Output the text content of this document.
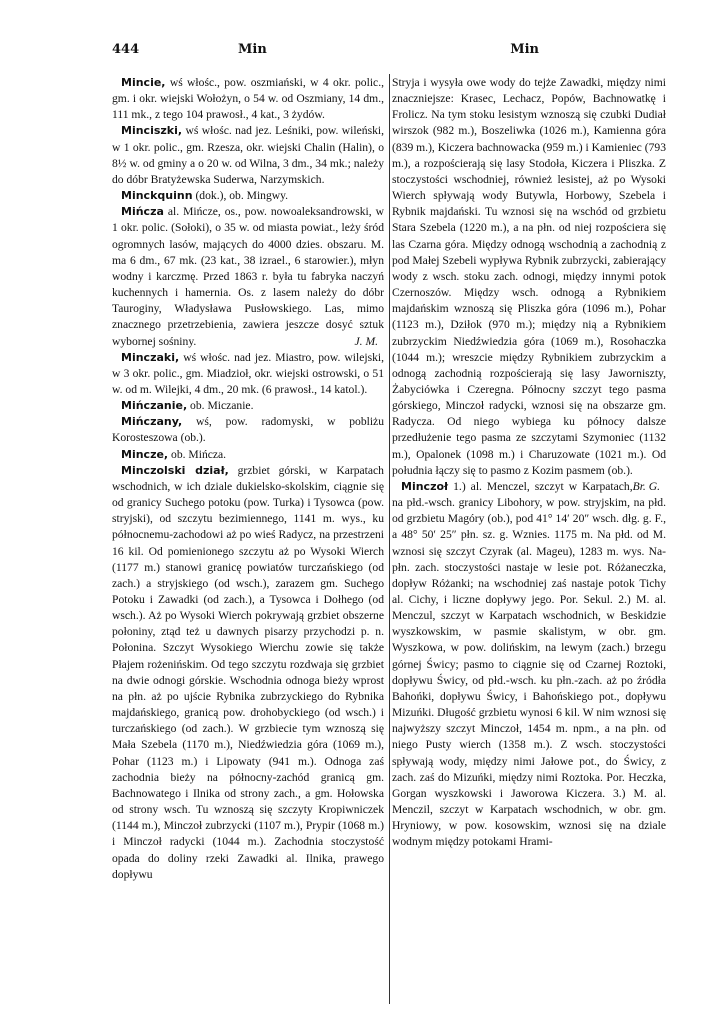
444	Min	Min

Mincie, wś włośc., pow. oszmiański, w 4 okr. polic., gm. i okr. wiejski Wołożyn, o 54 w. od Oszmiany, 14 dm., 111 mk., z tego 104 prawosł., 4 kat., 3 żydów.

Minciszki, wś włośc. nad jez. Leśniki, pow. wileński, w 1 okr. polic., gm. Rzesza, okr. wiejski Chalin (Halin), o 8½ w. od gminy a o 20 w. od Wilna, 3 dm., 34 mk.; należy do dóbr Bratyżewska Suderwa, Narzymskich.

Minckquinn (dok.), ob. Mingwy.

Mińcza al. Mińcze, os., pow. nowoaleksandrowski, w 1 okr. polic. (Sołoki), o 35 w. od miasta powiat., leży śród ogromnych lasów, mających do 4000 dzies. obszaru. M. ma 6 dm., 67 mk. (23 kat., 38 izrael., 6 starowier.), młyn wodny i karczmę. Przed 1863 r. była tu fabryka naczyń kuchennych i hamernia. Os. z lasem należy do dóbr Tauroginy, Władysława Pusłowskiego. Las, mimo znacznego przetrzebienia, zawiera jeszcze dosyć sztuk wybornej sośniny.	J. M.

Minczaki, wś włośc. nad jez. Miastro, pow. wilejski, w 3 okr. polic., gm. Miadzioł, okr. wiejski ostrowski, o 51 w. od m. Wilejki, 4 dm., 20 mk. (6 prawosł., 14 katol.).

Mińczanie, ob. Miczanie.

Mińczany, wś, pow. radomyski, w pobliżu Korosteszowa (ob.).

Mincze, ob. Mińcza.

Minczolski dział, grzbiet górski, w Karpatach wschodnich, w ich dziale dukielsko-skolskim, ciągnie się od granicy Suchego potoku (pow. Turka) i Tysowca (pow. stryjski), od szczytu bezimiennego, 1141 m. wys., ku północnemu-zachodowi aż po wieś Radycz, na przestrzeni 16 kil. Od pomienionego szczytu aż po Wysoki Wierch (1177 m.) stanowi granicę powiatów turczańskiego (od zach.) a stryjskiego (od wsch.), zarazem gm. Suchego Potoku i Zawadki (od zach.), a Tysowca i Dołhego (od wsch.). Aż po Wysoki Wierch pokrywają grzbiet obszerne połoniny, ztąd też u dawnych pisarzy przychodzi p. n. Połonina. Szczyt Wysokiego Wierchu zowie się także Płajem rożenińskim. Od tego szczytu rozdwaja się grzbiet na dwie odnogi górskie. Wschodnia odnoga bieży wprost na płn. aż po ujście Rybnika zubrzyckiego do Rybnika majdańskiego, granicą pow. drohobyckiego (od wsch.) i turczańskiego (od zach.). W grzbiecie tym wznoszą się Mała Szebela (1170 m.), Niedźwiedzia góra (1069 m.), Pohar (1123 m.) i Lipowaty (941 m.). Odnoga zaś zachodnia bieży na północny-zachód granicą gm. Bachnowatego i Ilnika od strony zach., a gm. Hołowska od strony wsch. Tu wznoszą się szczyty Kropiwniczek (1144 m.), Minczoł zubrzycki (1107 m.), Prypir (1068 m.) i Minczoł radycki (1044 m.). Zachodnia stoczystość opada do doliny rzeki Zawadki al. Ilnika, prawego dopływu

Stryja i wysyła owe wody do tejże Zawadki, między nimi znaczniejsze: Krasec, Lechacz, Popów, Bachnowatkę i Frolicz. Na tym stoku lesistym wznoszą się czubki Dudiał wirszok (982 m.), Boszeliwka (1026 m.), Kamienna góra (839 m.), Kiczera bachnowacka (959 m.) i Kamieniec (793 m.), a rozpościerają się lasy Stodoła, Kiczera i Pliszka. Z stoczystości wschodniej, również lesistej, aż po Wysoki Wierch spływają wody Butywla, Horbowy, Szebela i Rybnik majdański. Tu wznosi się na wschód od grzbietu Stara Szebela (1220 m.), a na płn. od niej rozpościera się las Czarna góra. Między odnogą wschodnią a zachodnią z pod Małej Szebeli wypływa Rybnik zubrzycki, zabierający wody z wsch. stoku zach. odnogi, między innymi potok Czernoszów. Między wsch. odnogą a Rybnikiem majdańskim wznoszą się Pliszka góra (1096 m.), Pohar (1123 m.), Dziłok (970 m.); między nią a Rybnikiem zubrzyckim Niedźwiedzia góra (1069 m.), Rosohaczka (1044 m.); wreszcie między Rybnikiem zubrzyckim a odnogą zachodnią rozpościerają się lasy Jaworniszty, Żabyciówka i Czeregna. Północny szczyt tego pasma górskiego, Minczoł radycki, wznosi się na obszarze gm. Radycza. Od niego wybiega ku północy dalsze przedłużenie tego pasma ze szczytami Szymoniec (1132 m.), Opalonek (1098 m.) i Charuzowate (1021 m.). Od południa łączy się to pasmo z Kozim pasmem (ob.).
Br. G.

Minczoł 1.) al. Menczel, szczyt w Karpatach, na płd.-wsch. granicy Libohory, w pow. stryjskim, na płd. od grzbietu Magóry (ob.), pod 41° 14′ 20″ wsch. dłg. g. F., a 48° 50′ 25″ płn. sz. g. Wznies. 1175 m. Na płd. od M. wznosi się szczyt Czyrak (al. Mageu), 1283 m. wys. Na-płn. zach. stoczystości nastaje w lesie pot. Różaneczka, dopływ Różanki; na wschodniej zaś nastaje potok Tichy al. Cichy, i liczne dopływy jego. Por. Sekul. 2.) M. al. Menczul, szczyt w Karpatach wschodnich, w Beskidzie wyszkowskim, w pasmie skalistym, w obr. gm. Wyszkowa, w pow. dolińskim, na lewym (zach.) brzegu górnej Świcy; pasmo to ciągnie się od Czarnej Roztoki, dopływu Świcy, od płd.-wsch. ku płn.-zach. aż po źródła Bahońki, dopływu Świcy, i Bahońskiego pot., dopływu Mizuńki. Długość grzbietu wynosi 6 kil. W nim wznosi się najwyższy szczyt Minczoł, 1454 m. npm., a na płn. od niego Pusty wierch (1358 m.). Z wsch. stoczystości spływają wody, między nimi Jałowe pot., do Świcy, z zach. zaś do Mizuńki, między nimi Roztoka. Por. Heczka, Gorgan wyszkowski i Jaworowa Kiczera. 3.) M. al. Menczil, szczyt w Karpatach wschodnich, w obr. gm. Hryniowy, w pow. kosowskim, wznosi się na dziale wodnym między potokami Hrami-
